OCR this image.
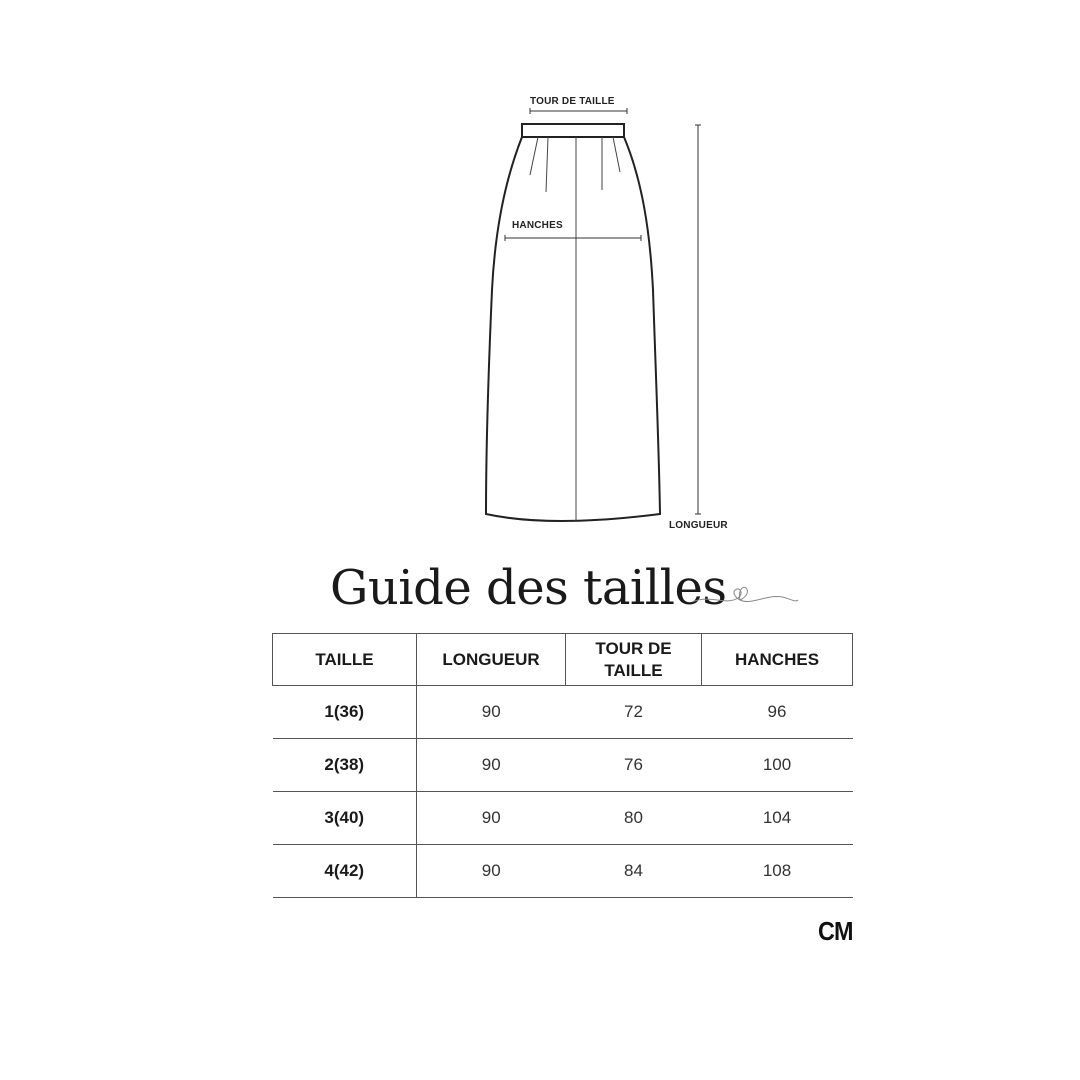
TOUR DE TAILLE
HANCHES
LONGUEUR
Guide des tailles
TAILLE	LONGUEUR	TOUR DE TAILLE	HANCHES
1(36)	90	72	96
2(38)	90	76	100
3(40)	90	80	104
4(42)	90	84	108
CM
